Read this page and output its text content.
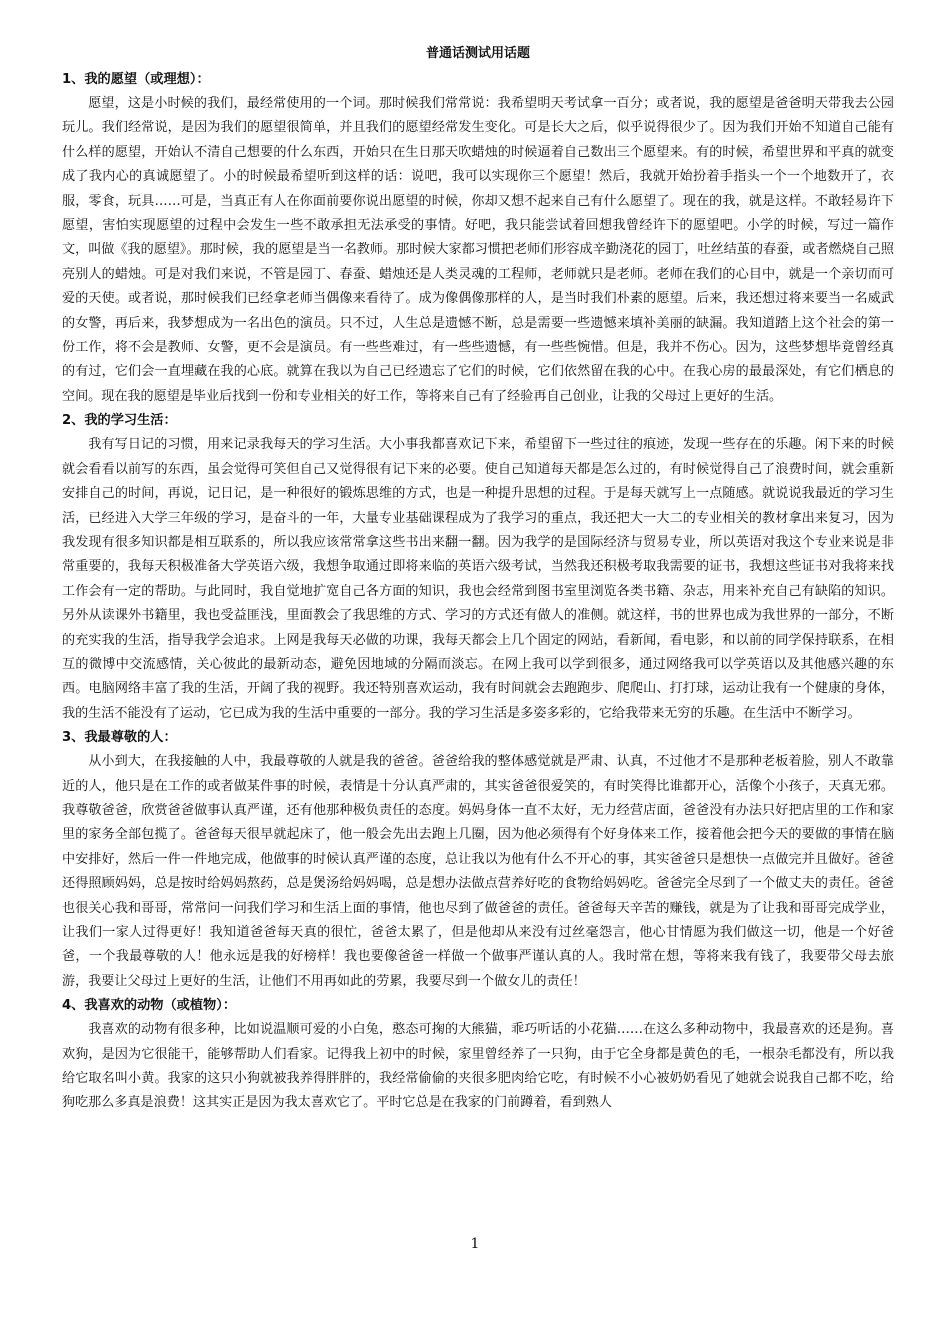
普通话测试用话题
1、我的愿望（或理想）：

愿望，这是小时候的我们，最经常使用的一个词。那时候我们常常说：我希望明天考试拿一百分；或者说，我的愿望是爸爸明天带我去公园玩儿。我们经常说，是因为我们的愿望很简单，并且我们的愿望经常发生变化。可是长大之后，似乎说得很少了。因为我们开始不知道自己能有什么样的愿望，开始认不清自己想要的什么东西，开始只在生日那天吹蜡烛的时候逼着自己数出三个愿望来。有的时候，希望世界和平真的就变成了我内心的真诚愿望了。小的时候最希望听到这样的话：说吧，我可以实现你三个愿望！然后，我就开始扮着手指头一个一个地数开了，衣服，零食，玩具……可是，当真正有人在你面前要你说出愿望的时候，你却又想不起来自己有什么愿望了。现在的我，就是这样。不敢轻易许下愿望，害怕实现愿望的过程中会发生一些不敢承担无法承受的事情。好吧，我只能尝试着回想我曾经许下的愿望吧。小学的时候，写过一篇作文，叫做《我的愿望》。那时候，我的愿望是当一名教师。那时候大家都习惯把老师们形容成辛勤浇花的园丁，吐丝结茧的春蚕，或者燃烧自己照亮别人的蜡烛。可是对我们来说，不管是园丁、春蚕、蜡烛还是人类灵魂的工程师，老师就只是老师。老师在我们的心目中，就是一个亲切而可爱的天使。或者说，那时候我们已经拿老师当偶像来看待了。成为像偶像那样的人，是当时我们朴素的愿望。后来，我还想过将来要当一名威武的女警，再后来，我梦想成为一名出色的演员。只不过，人生总是遗憾不断，总是需要一些遗憾来填补美丽的缺漏。我知道踏上这个社会的第一份工作，将不会是教师、女警，更不会是演员。有一些些难过，有一些些遗憾，有一些些惋惜。但是，我并不伤心。因为，这些梦想毕竟曾经真的有过，它们会一直埋藏在我的心底。就算在我以为自己已经遗忘了它们的时候，它们依然留在我的心中。在我心房的最最深处，有它们栖息的空间。现在我的愿望是毕业后找到一份和专业相关的好工作，等将来自己有了经验再自己创业，让我的父母过上更好的生活。

2、我的学习生活：

我有写日记的习惯，用来记录我每天的学习生活。大小事我都喜欢记下来，希望留下一些过往的痕迹，发现一些存在的乐趣。闲下来的时候就会看看以前写的东西，虽会觉得可笑但自己又觉得很有记下来的必要。使自己知道每天都是怎么过的，有时候觉得自己了浪费时间，就会重新安排自己的时间，再说，记日记，是一种很好的锻炼思维的方式，也是一种提升思想的过程。于是每天就写上一点随感。就说说我最近的学习生活，已经进入大学三年级的学习，是奋斗的一年，大量专业基础课程成为了我学习的重点，我还把大一大二的专业相关的教材拿出来复习，因为我发现有很多知识都是相互联系的，所以我应该常常拿这些书出来翻一翻。因为我学的是国际经济与贸易专业，所以英语对我这个专业来说是非常重要的，我每天积极准备大学英语六级，我想争取通过即将来临的英语六级考试，当然我还积极考取我需要的证书，我想这些证书对我将来找工作会有一定的帮助。与此同时，我自觉地扩宽自己各方面的知识，我也会经常到图书室里浏览各类书籍、杂志，用来补充自己有缺陷的知识。另外从读课外书籍里，我也受益匪浅，里面教会了我思维的方式、学习的方式还有做人的准侧。就这样，书的世界也成为我世界的一部分，不断的充实我的生活，指导我学会追求。上网是我每天必做的功课，我每天都会上几个固定的网站，看新闻，看电影，和以前的同学保持联系，在相互的微博中交流感情，关心彼此的最新动态，避免因地域的分隔而淡忘。在网上我可以学到很多，通过网络我可以学英语以及其他感兴趣的东西。电脑网络丰富了我的生活，开阔了我的视野。我还特别喜欢运动，我有时间就会去跑跑步、爬爬山、打打球，运动让我有一个健康的身体，我的生活不能没有了运动，它已成为我的生活中重要的一部分。我的学习生活是多姿多彩的，它给我带来无穷的乐趣。在生活中不断学习。

3、我最尊敬的人：

从小到大，在我接触的人中，我最尊敬的人就是我的爸爸。爸爸给我的整体感觉就是严肃、认真，不过他才不是那种老板着脸，别人不敢靠近的人，他只是在工作的或者做某件事的时候，表情是十分认真严肃的，其实爸爸很爱笑的，有时笑得比谁都开心，活像个小孩子，天真无邪。我尊敬爸爸，欣赏爸爸做事认真严谨，还有他那种极负责任的态度。妈妈身体一直不太好，无力经营店面，爸爸没有办法只好把店里的工作和家里的家务全部包揽了。爸爸每天很早就起床了，他一般会先出去跑上几圈，因为他必须得有个好身体来工作，接着他会把今天的要做的事情在脑中安排好，然后一件一件地完成，他做事的时候认真严谨的态度，总让我以为他有什么不开心的事，其实爸爸只是想快一点做完并且做好。爸爸还得照顾妈妈，总是按时给妈妈熬药，总是煲汤给妈妈喝，总是想办法做点营养好吃的食物给妈妈吃。爸爸完全尽到了一个做丈夫的责任。爸爸也很关心我和哥哥，常常问一问我们学习和生活上面的事情，他也尽到了做爸爸的责任。爸爸每天辛苦的赚钱，就是为了让我和哥哥完成学业，让我们一家人过得更好！我知道爸爸每天真的很忙，爸爸太累了，但是他却从来没有过丝毫怨言，他心甘情愿为我们做这一切，他是一个好爸爸，一个我最尊敬的人！他永远是我的好榜样！我也要像爸爸一样做一个做事严谨认真的人。我时常在想，等将来我有钱了，我要带父母去旅游，我要让父母过上更好的生活，让他们不用再如此的劳累，我要尽到一个做女儿的责任！

4、我喜欢的动物（或植物）：

我喜欢的动物有很多种，比如说温顺可爱的小白兔，憨态可掬的大熊猫，乖巧听话的小花猫……在这么多种动物中，我最喜欢的还是狗。喜欢狗，是因为它很能干，能够帮助人们看家。记得我上初中的时候，家里曾经养了一只狗，由于它全身都是黄色的毛，一根杂毛都没有，所以我给它取名叫小黄。我家的这只小狗就被我养得胖胖的，我经常偷偷的夹很多肥肉给它吃，有时候不小心被奶奶看见了她就会说我自己都不吃，给狗吃那么多真是浪费！这其实正是因为我太喜欢它了。平时它总是在我家的门前蹲着，看到熟人

1
